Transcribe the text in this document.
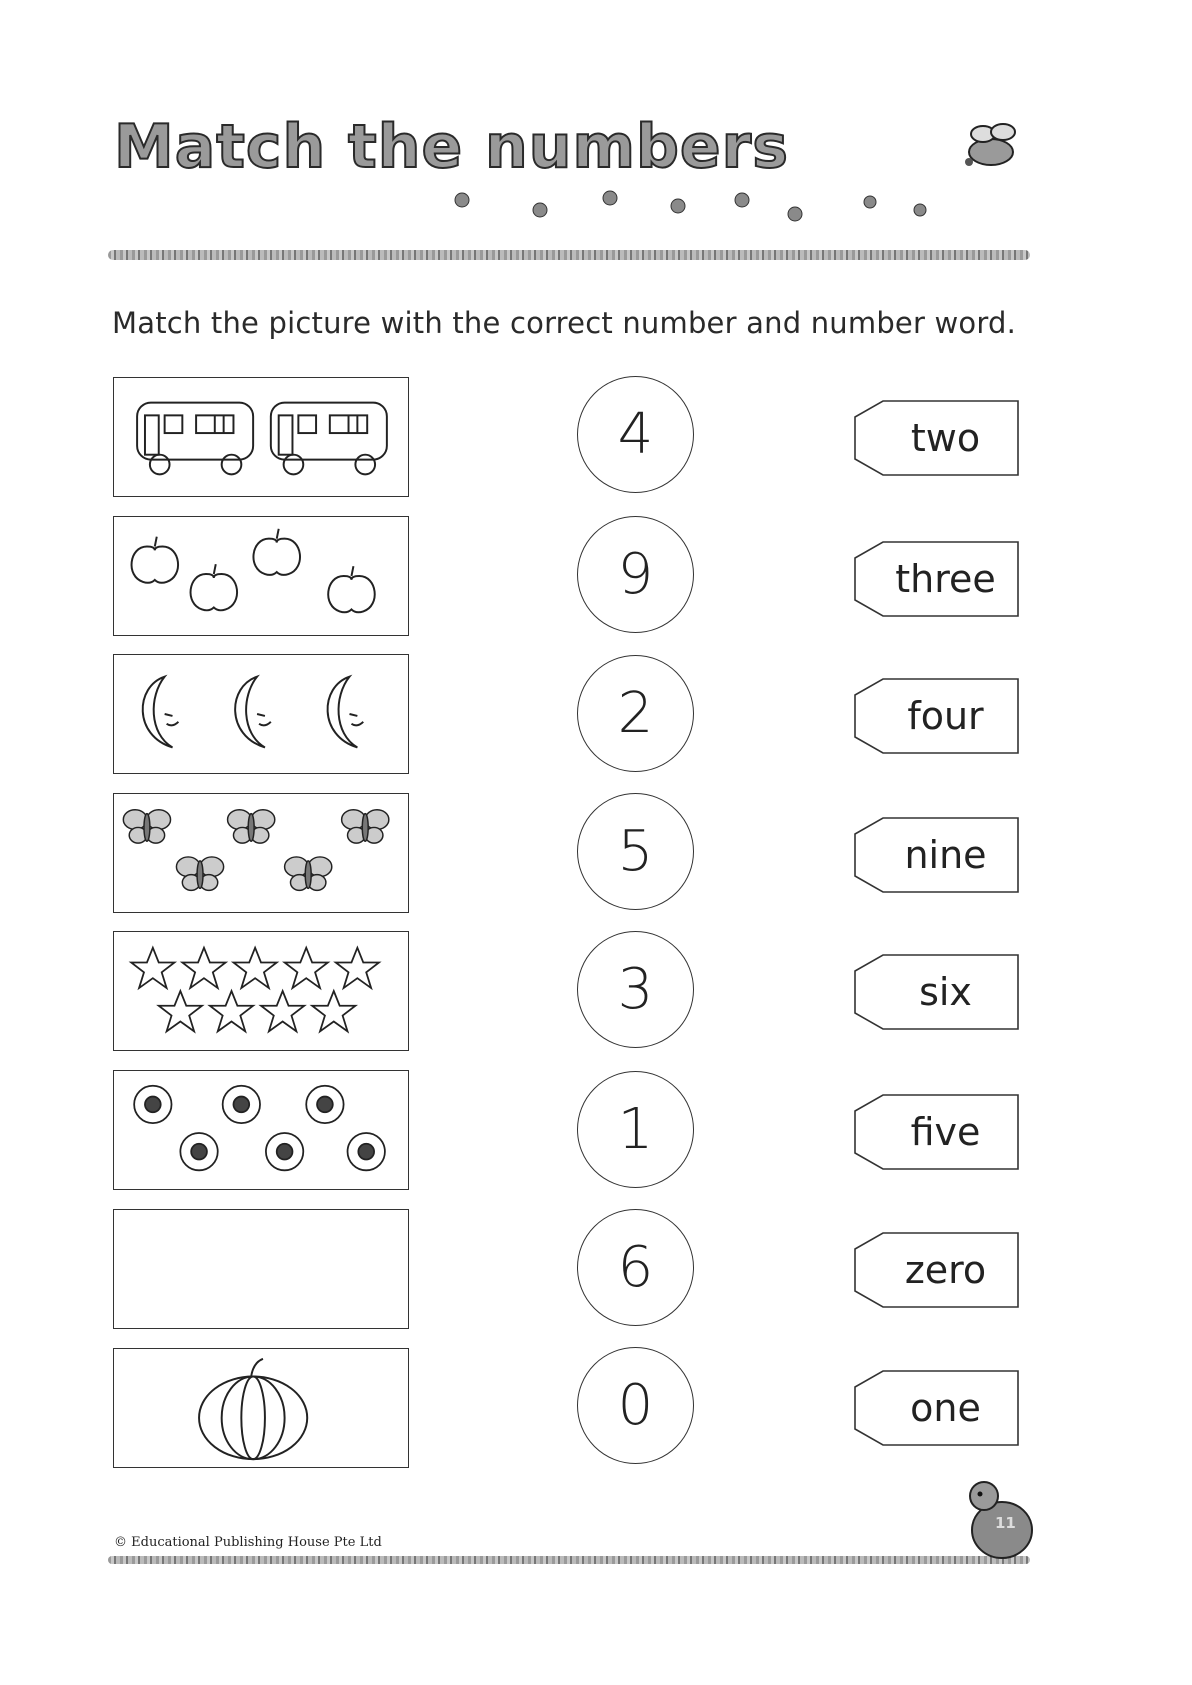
Match the numbers
Match the picture with the correct number and number word.
4
9
2
5
3
1
6
0
two
three
four
nine
six
five
zero
one
© Educational Publishing House Pte Ltd
11
